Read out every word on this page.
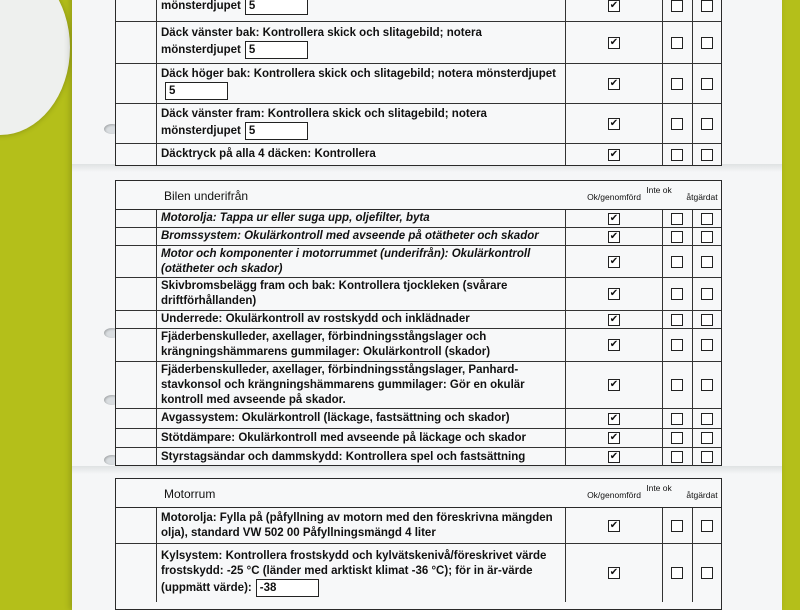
mönsterdjupet 5
✔
Däck vänster bak: Kontrollera skick och slitagebild; notera mönsterdjupet 5
✔
Däck höger bak: Kontrollera skick och slitagebild; notera mönsterdjupet5
✔
Däck vänster fram: Kontrollera skick och slitagebild; notera mönsterdjupet 5
✔
Däcktryck på alla 4 däcken: Kontrollera
✔
Bilen underifrån	Ok/genomförd
Inte ok
åtgärdat
Motorolja: Tappa ur eller suga upp, oljefilter, byta
✔
Bromssystem: Okulärkontroll med avseende på otätheter och skador
✔
Motor och komponenter i motorrummet (underifrån): Okulärkontroll (otätheter och skador)
✔
Skivbromsbelägg fram och bak: Kontrollera tjockleken (svårare driftförhållanden)
✔
Underrede: Okulärkontroll av rostskydd och inklädnader
✔
Fjäderbenskulleder, axellager, förbindningsstångslager och krängningshämmarens gummilager: Okulärkontroll (skador)
✔
Fjäderbenskulleder, axellager, förbindningsstångslager, Panhard-stavkonsol och krängningshämmarens gummilager: Gör en okulär kontroll med avseende på skador.
✔
Avgassystem: Okulärkontroll (läckage, fastsättning och skador)
✔
Stötdämpare: Okulärkontroll med avseende på läckage och skador
✔
Styrstagsändar och dammskydd: Kontrollera spel och fastsättning
✔
Motorrum	Ok/genomförd
Inte ok
åtgärdat
Motorolja: Fylla på (påfyllning av motorn med den föreskrivna mängden olja), standard VW 502 00 Påfyllningsmängd 4 liter
✔
Kylsystem: Kontrollera frostskydd och kylvätskenivå/föreskrivet värde frostskydd: -25 °C (länder med arktiskt klimat -36 °C); för in är-värde (uppmätt värde): -38
✔
